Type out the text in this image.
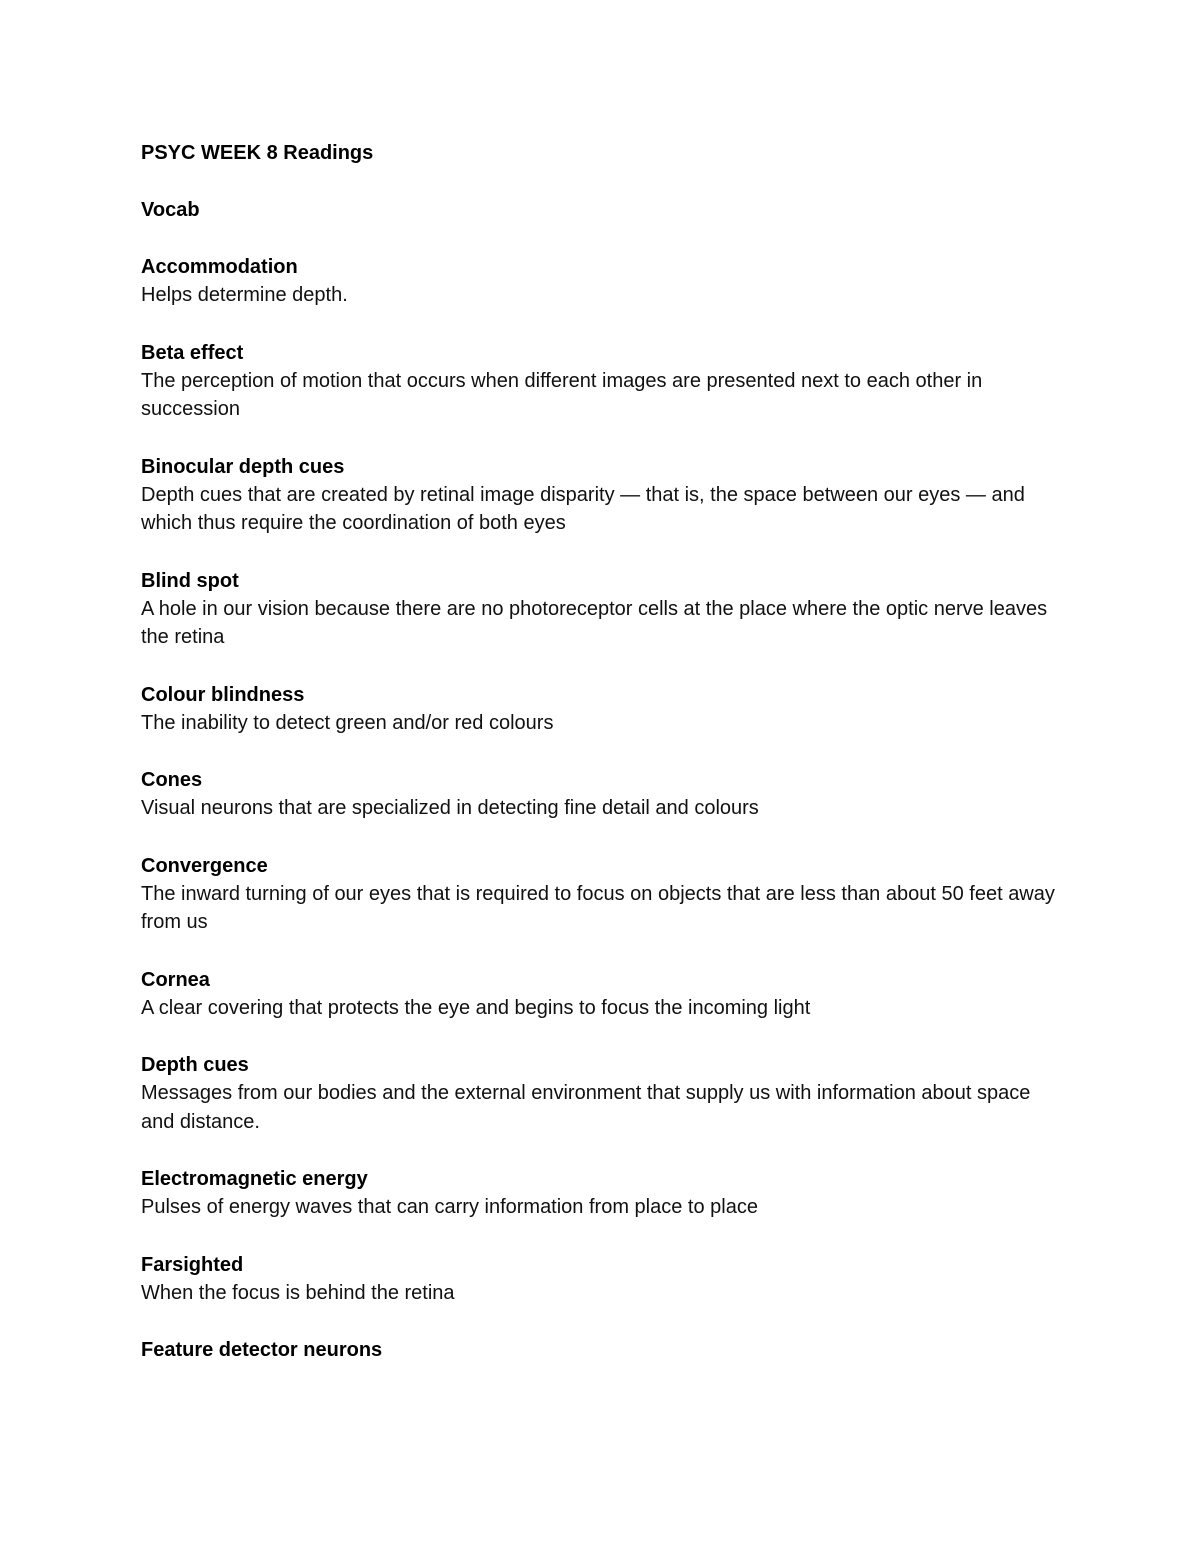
PSYC WEEK 8 Readings
Vocab
Accommodation
Helps determine depth.
Beta effect
The perception of motion that occurs when different images are presented next to each other in succession
Binocular depth cues
Depth cues that are created by retinal image disparity — that is, the space between our eyes — and which thus require the coordination of both eyes
Blind spot
A hole in our vision because there are no photoreceptor cells at the place where the optic nerve leaves the retina
Colour blindness
The inability to detect green and/or red colours
Cones
Visual neurons that are specialized in detecting fine detail and colours
Convergence
The inward turning of our eyes that is required to focus on objects that are less than about 50 feet away from us
Cornea
A clear covering that protects the eye and begins to focus the incoming light
Depth cues
Messages from our bodies and the external environment that supply us with information about space and distance.
Electromagnetic energy
Pulses of energy waves that can carry information from place to place
Farsighted
When the focus is behind the retina
Feature detector neurons
